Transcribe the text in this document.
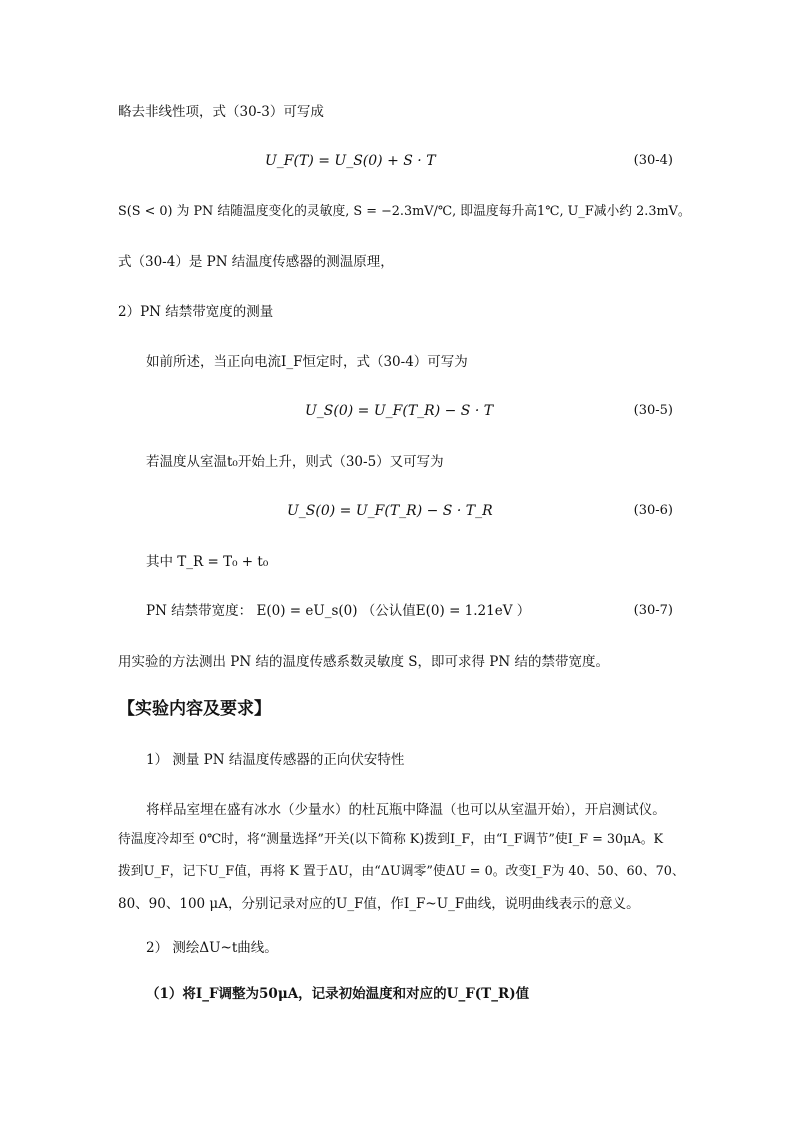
略去非线性项，式（30-3）可写成
U_F(T) = U_S(0) + S · T	(30-4)
S(S < 0) 为 PN 结随温度变化的灵敏度, S = −2.3mV/℃, 即温度每升高1℃, U_F减小约 2.3mV。
式（30-4）是 PN 结温度传感器的测温原理，
2）PN 结禁带宽度的测量
如前所述，当正向电流I_F恒定时，式（30-4）可写为
U_S(0) = U_F(T_R) − S · T	(30-5)
若温度从室温t₀开始上升，则式（30-5）又可写为
U_S(0) = U_F(T_R) − S · T_R	(30-6)
其中 T_R = T₀ + t₀
PN 结禁带宽度： E(0) = eU_s(0) （公认值E(0) = 1.21eV ）	(30-7)
用实验的方法测出 PN 结的温度传感系数灵敏度 S，即可求得 PN 结的禁带宽度。
【实验内容及要求】
1） 测量 PN 结温度传感器的正向伏安特性
将样品室埋在盛有冰水（少量水）的杜瓦瓶中降温（也可以从室温开始），开启测试仪。
待温度冷却至 0℃时，将“测量选择”开关(以下简称 K)拨到I_F，由“I_F调节”使I_F = 30μA。K
拨到U_F，记下U_F值，再将 K 置于ΔU，由“ΔU调零”使ΔU = 0。改变I_F为 40、50、60、70、
80、90、100 μA，分别记录对应的U_F值，作I_F~U_F曲线，说明曲线表示的意义。
2） 测绘ΔU~t曲线。
（1）将I_F调整为50μA，记录初始温度和对应的U_F(T_R)值
